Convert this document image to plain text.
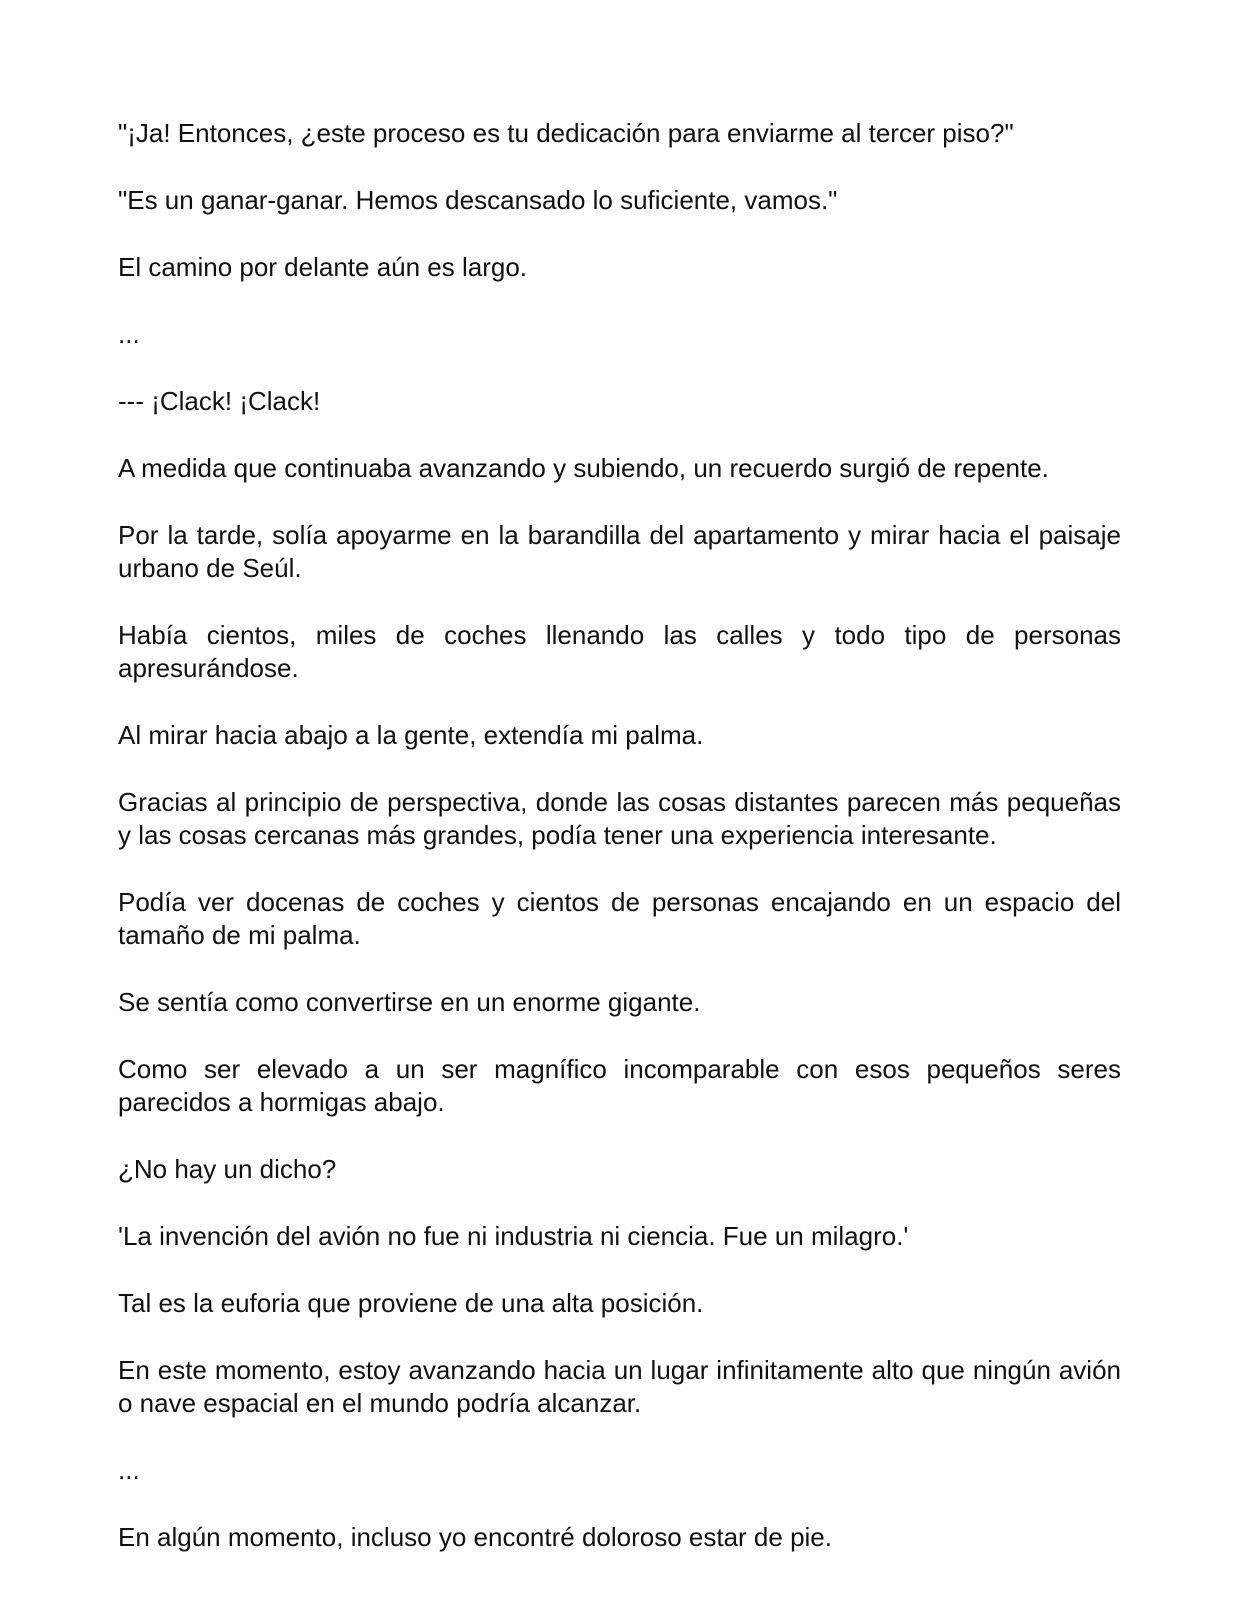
"¡Ja! Entonces, ¿este proceso es tu dedicación para enviarme al tercer piso?"

"Es un ganar-ganar. Hemos descansado lo suficiente, vamos."

El camino por delante aún es largo.

...

--- ¡Clack! ¡Clack!

A medida que continuaba avanzando y subiendo, un recuerdo surgió de repente.

Por la tarde, solía apoyarme en la barandilla del apartamento y mirar hacia el paisaje urbano de Seúl.

Había cientos, miles de coches llenando las calles y todo tipo de personas apresurándose.

Al mirar hacia abajo a la gente, extendía mi palma.

Gracias al principio de perspectiva, donde las cosas distantes parecen más pequeñas y las cosas cercanas más grandes, podía tener una experiencia interesante.

Podía ver docenas de coches y cientos de personas encajando en un espacio del tamaño de mi palma.

Se sentía como convertirse en un enorme gigante.

Como ser elevado a un ser magnífico incomparable con esos pequeños seres parecidos a hormigas abajo.

¿No hay un dicho?

'La invención del avión no fue ni industria ni ciencia. Fue un milagro.'

Tal es la euforia que proviene de una alta posición.

En este momento, estoy avanzando hacia un lugar infinitamente alto que ningún avión o nave espacial en el mundo podría alcanzar.

...

En algún momento, incluso yo encontré doloroso estar de pie.
